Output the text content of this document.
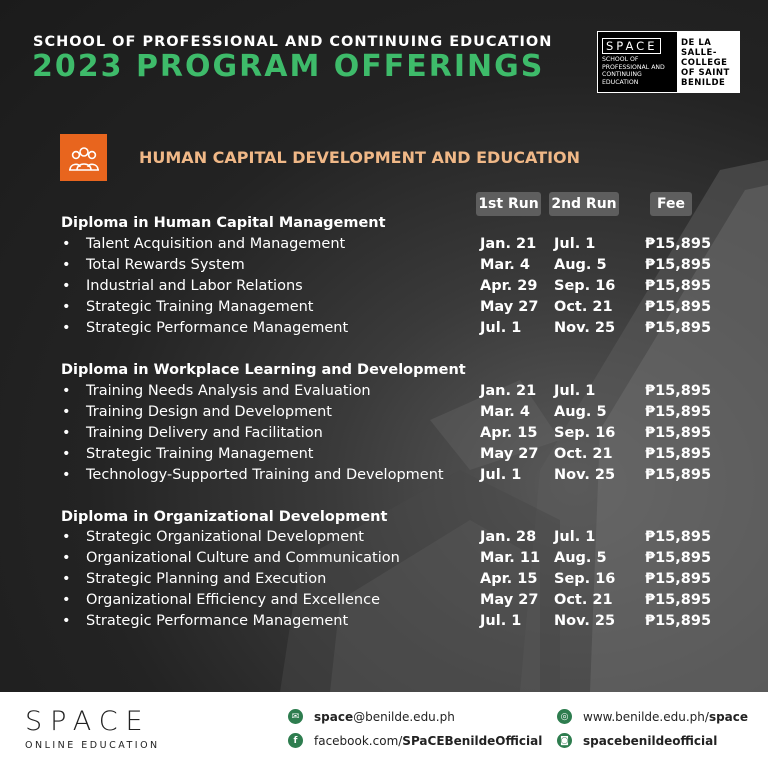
SCHOOL OF PROFESSIONAL AND CONTINUING EDUCATION
2023 PROGRAM OFFERINGS
SPACE
SCHOOL OF PROFESSIONAL AND CONTINUING EDUCATION
DE LA SALLE-
COLLEGE
OF SAINT
BENILDE
HUMAN CAPITAL DEVELOPMENT AND EDUCATION
1st Run 2nd Run	Fee
Diploma in Human Capital Management
• Talent Acquisition and Management	Jan. 21 Jul. 1	₱15,895
• Total Rewards System	Mar. 4 Aug. 5	₱15,895
• Industrial and Labor Relations	Apr. 29 Sep. 16 ₱15,895
• Strategic Training Management	May 27 Oct. 21 ₱15,895
• Strategic Performance Management	Jul. 1 Nov. 25 ₱15,895
Diploma in Workplace Learning and Development
• Training Needs Analysis and Evaluation	Jan. 21 Jul. 1	₱15,895
• Training Design and Development	Mar. 4 Aug. 5	₱15,895
• Training Delivery and Facilitation	Apr. 15 Sep. 16 ₱15,895
• Strategic Training Management	May 27 Oct. 21 ₱15,895
• Technology-Supported Training and Development	Jul. 1 Nov. 25 ₱15,895
Diploma in Organizational Development
• Strategic Organizational Development	Jan. 28 Jul. 1	₱15,895
• Organizational Culture and Communication	Mar. 11 Aug. 5	₱15,895
• Strategic Planning and Execution	Apr. 15 Sep. 16 ₱15,895
• Organizational Efficiency and Excellence	May 27 Oct. 21 ₱15,895
• Strategic Performance Management	Jul. 1 Nov. 25 ₱15,895
SPACE
ONLINE EDUCATION
✉	space@benilde.edu.ph
f	facebook.com/SPaCEBenildeOfficial
◎ www.benilde.edu.ph/space
◙ spacebenildeofficial
